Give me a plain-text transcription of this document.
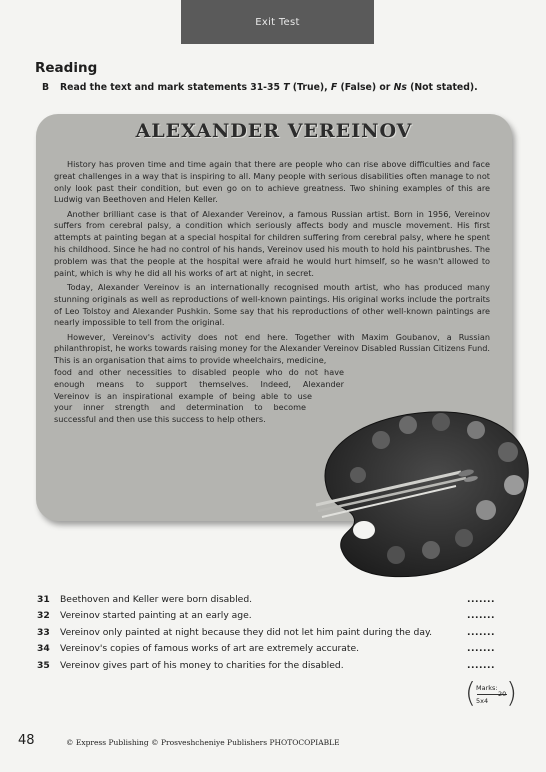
Exit Test
Reading
B Read the text and mark statements 31-35 T (True), F (False) or Ns (Not stated).
ALEXANDER VEREINOV

History has proven time and time again that there are people who can rise above difficulties and face great challenges in a way that is inspiring to all. Many people with serious disabilities often manage to not only look past their condition, but even go on to achieve greatness. Two shining examples of this are Ludwig van Beethoven and Helen Keller.

Another brilliant case is that of Alexander Vereinov, a famous Russian artist. Born in 1956, Vereinov suffers from cerebral palsy, a condition which seriously affects body and muscle movement. His first attempts at painting began at a special hospital for children suffering from cerebral palsy, where he spent his childhood. Since he had no control of his hands, Vereinov used his mouth to hold his paintbrushes. The problem was that the people at the hospital were afraid he would hurt himself, so he wasn't allowed to paint, which is why he did all his works of art at night, in secret.

Today, Alexander Vereinov is an internationally recognised mouth artist, who has produced many stunning originals as well as reproductions of well-known paintings. His original works include the portraits of Leo Tolstoy and Alexander Pushkin. Some say that his reproductions of other well-known paintings are nearly impossible to tell from the original.

However, Vereinov's activity does not end here. Together with Maxim Goubanov, a Russian philanthropist, he works towards raising money for the Alexander Vereinov Disabled Russian Citizens Fund. This is an organisation that aims to provide wheelchairs, medicine,

food and other necessities to disabled people who do not have
enough means to support themselves. Indeed, Alexander
Vereinov is an inspirational example of being able to use
your inner strength and determination to become
successful and then use this success to help others.
31	Beethoven and Keller were born disabled.	.......
32	Vereinov started painting at an early age.	.......
33	Vereinov only painted at night because they did not let him paint during the day.	.......
34	Vereinov's copies of famous works of art are extremely accurate.	.......
35	Vereinov gives part of his money to charities for the disabled.	.......
( Marks:
20
5x4 )
48	© Express Publishing © Prosveshcheniye Publishers PHOTOCOPIABLE
